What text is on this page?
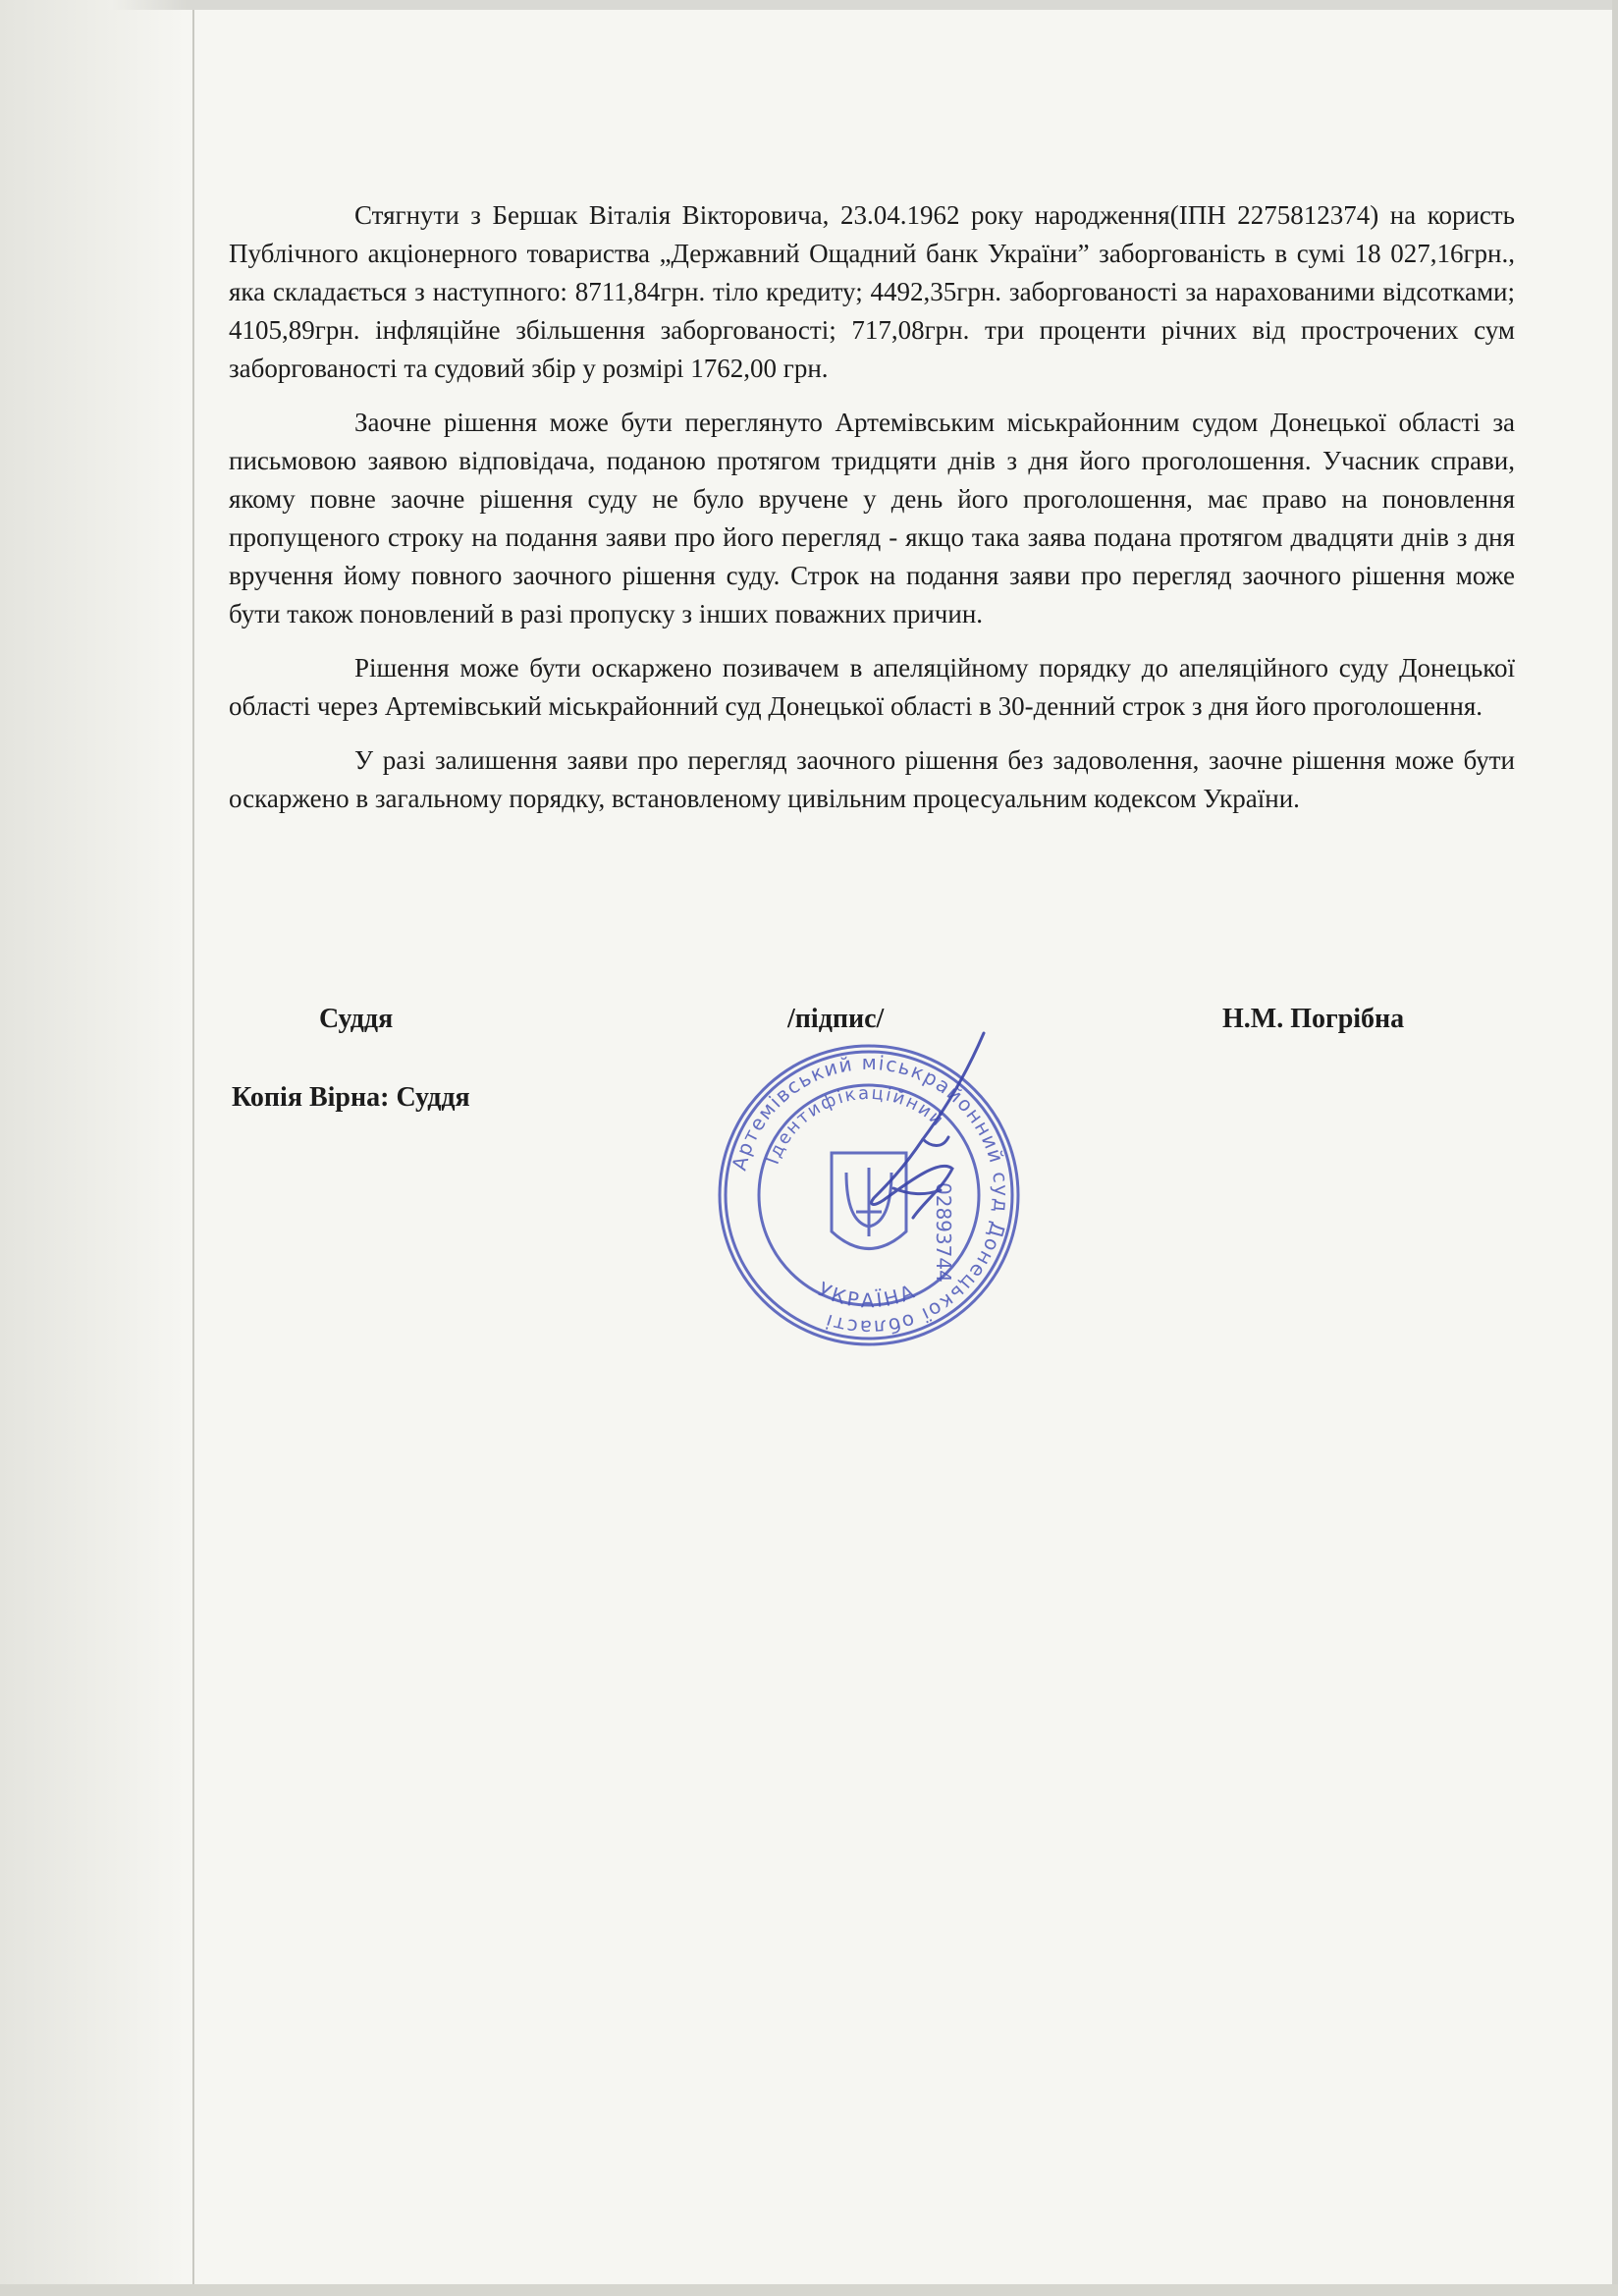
Стягнути з Бершак Віталія Вікторовича, 23.04.1962 року народження(ІПН 2275812374) на користь Публічного акціонерного товариства „Державний Ощадний банк України” заборгованість в сумі 18 027,16грн., яка складається з наступного: 8711,84грн. тіло кредиту; 4492,35грн. заборгованості за нарахованими відсотками; 4105,89грн. інфляційне збільшення заборгованості; 717,08грн. три проценти річних від прострочених сум заборгованості та судовий збір у розмірі 1762,00 грн.

Заочне рішення може бути переглянуто Артемівським міськрайонним судом Донецької області за письмовою заявою відповідача, поданою протягом тридцяти днів з дня його проголошення. Учасник справи, якому повне заочне рішення суду не було вручене у день його проголошення, має право на поновлення пропущеного строку на подання заяви про його перегляд - якщо така заява подана протягом двадцяти днів з дня вручення йому повного заочного рішення суду. Строк на подання заяви про перегляд заочного рішення може бути також поновлений в разі пропуску з інших поважних причин.

Рішення може бути оскаржено позивачем в апеляційному порядку до апеляційного суду Донецької області через Артемівський міськрайонний суд Донецької області в 30-денний строк з дня його проголошення.

У разі залишення заяви про перегляд заочного рішення без задоволення, заочне рішення може бути оскаржено в загальному порядку, встановленому цивільним процесуальним кодексом України.

Суддя	/підпис/	Н.М. Погрібна
Копія Вірна: Суддя
Артемівський міськрайонний суд Донецької області
Ідентифікаційний
УКРАЇНА
02893744
